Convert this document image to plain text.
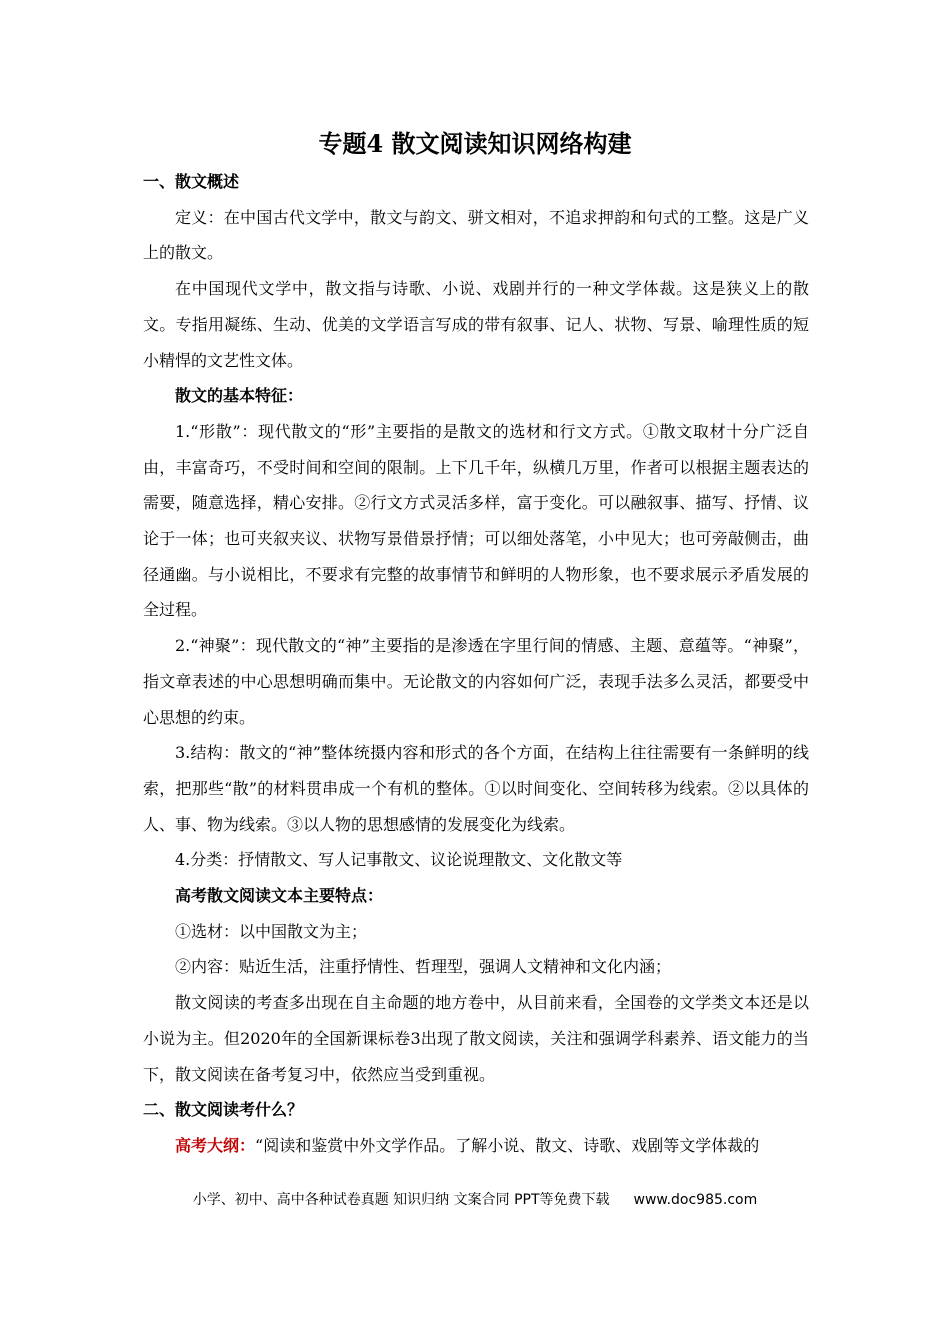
专题4 散文阅读知识网络构建

一、散文概述

定义：在中国古代文学中，散文与韵文、骈文相对，不追求押韵和句式的工整。这是广义上的散文。

在中国现代文学中，散文指与诗歌、小说、戏剧并行的一种文学体裁。这是狭义上的散文。专指用凝练、生动、优美的文学语言写成的带有叙事、记人、状物、写景、喻理性质的短小精悍的文艺性文体。

散文的基本特征：

1.“形散”：现代散文的“形”主要指的是散文的选材和行文方式。①散文取材十分广泛自由，丰富奇巧，不受时间和空间的限制。上下几千年，纵横几万里，作者可以根据主题表达的需要，随意选择，精心安排。②行文方式灵活多样，富于变化。可以融叙事、描写、抒情、议论于一体；也可夹叙夹议、状物写景借景抒情；可以细处落笔，小中见大；也可旁敲侧击，曲径通幽。与小说相比，不要求有完整的故事情节和鲜明的人物形象，也不要求展示矛盾发展的全过程。

2.“神聚”：现代散文的“神”主要指的是渗透在字里行间的情感、主题、意蕴等。“神聚”，指文章表述的中心思想明确而集中。无论散文的内容如何广泛，表现手法多么灵活，都要受中心思想的约束。

3.结构：散文的“神”整体统摄内容和形式的各个方面，在结构上往往需要有一条鲜明的线索，把那些“散”的材料贯串成一个有机的整体。①以时间变化、空间转移为线索。②以具体的人、事、物为线索。③以人物的思想感情的发展变化为线索。

4.分类：抒情散文、写人记事散文、议论说理散文、文化散文等

高考散文阅读文本主要特点：

①选材：以中国散文为主；

②内容：贴近生活，注重抒情性、哲理型，强调人文精神和文化内涵；

散文阅读的考查多出现在自主命题的地方卷中，从目前来看，全国卷的文学类文本还是以小说为主。但2020年的全国新课标卷3出现了散文阅读，关注和强调学科素养、语文能力的当下，散文阅读在备考复习中，依然应当受到重视。

二、散文阅读考什么？

高考大纲：“阅读和鉴赏中外文学作品。了解小说、散文、诗歌、戏剧等文学体裁的

小学、初中、高中各种试卷真题 知识归纳 文案合同 PPT等免费下载 www.doc985.com
